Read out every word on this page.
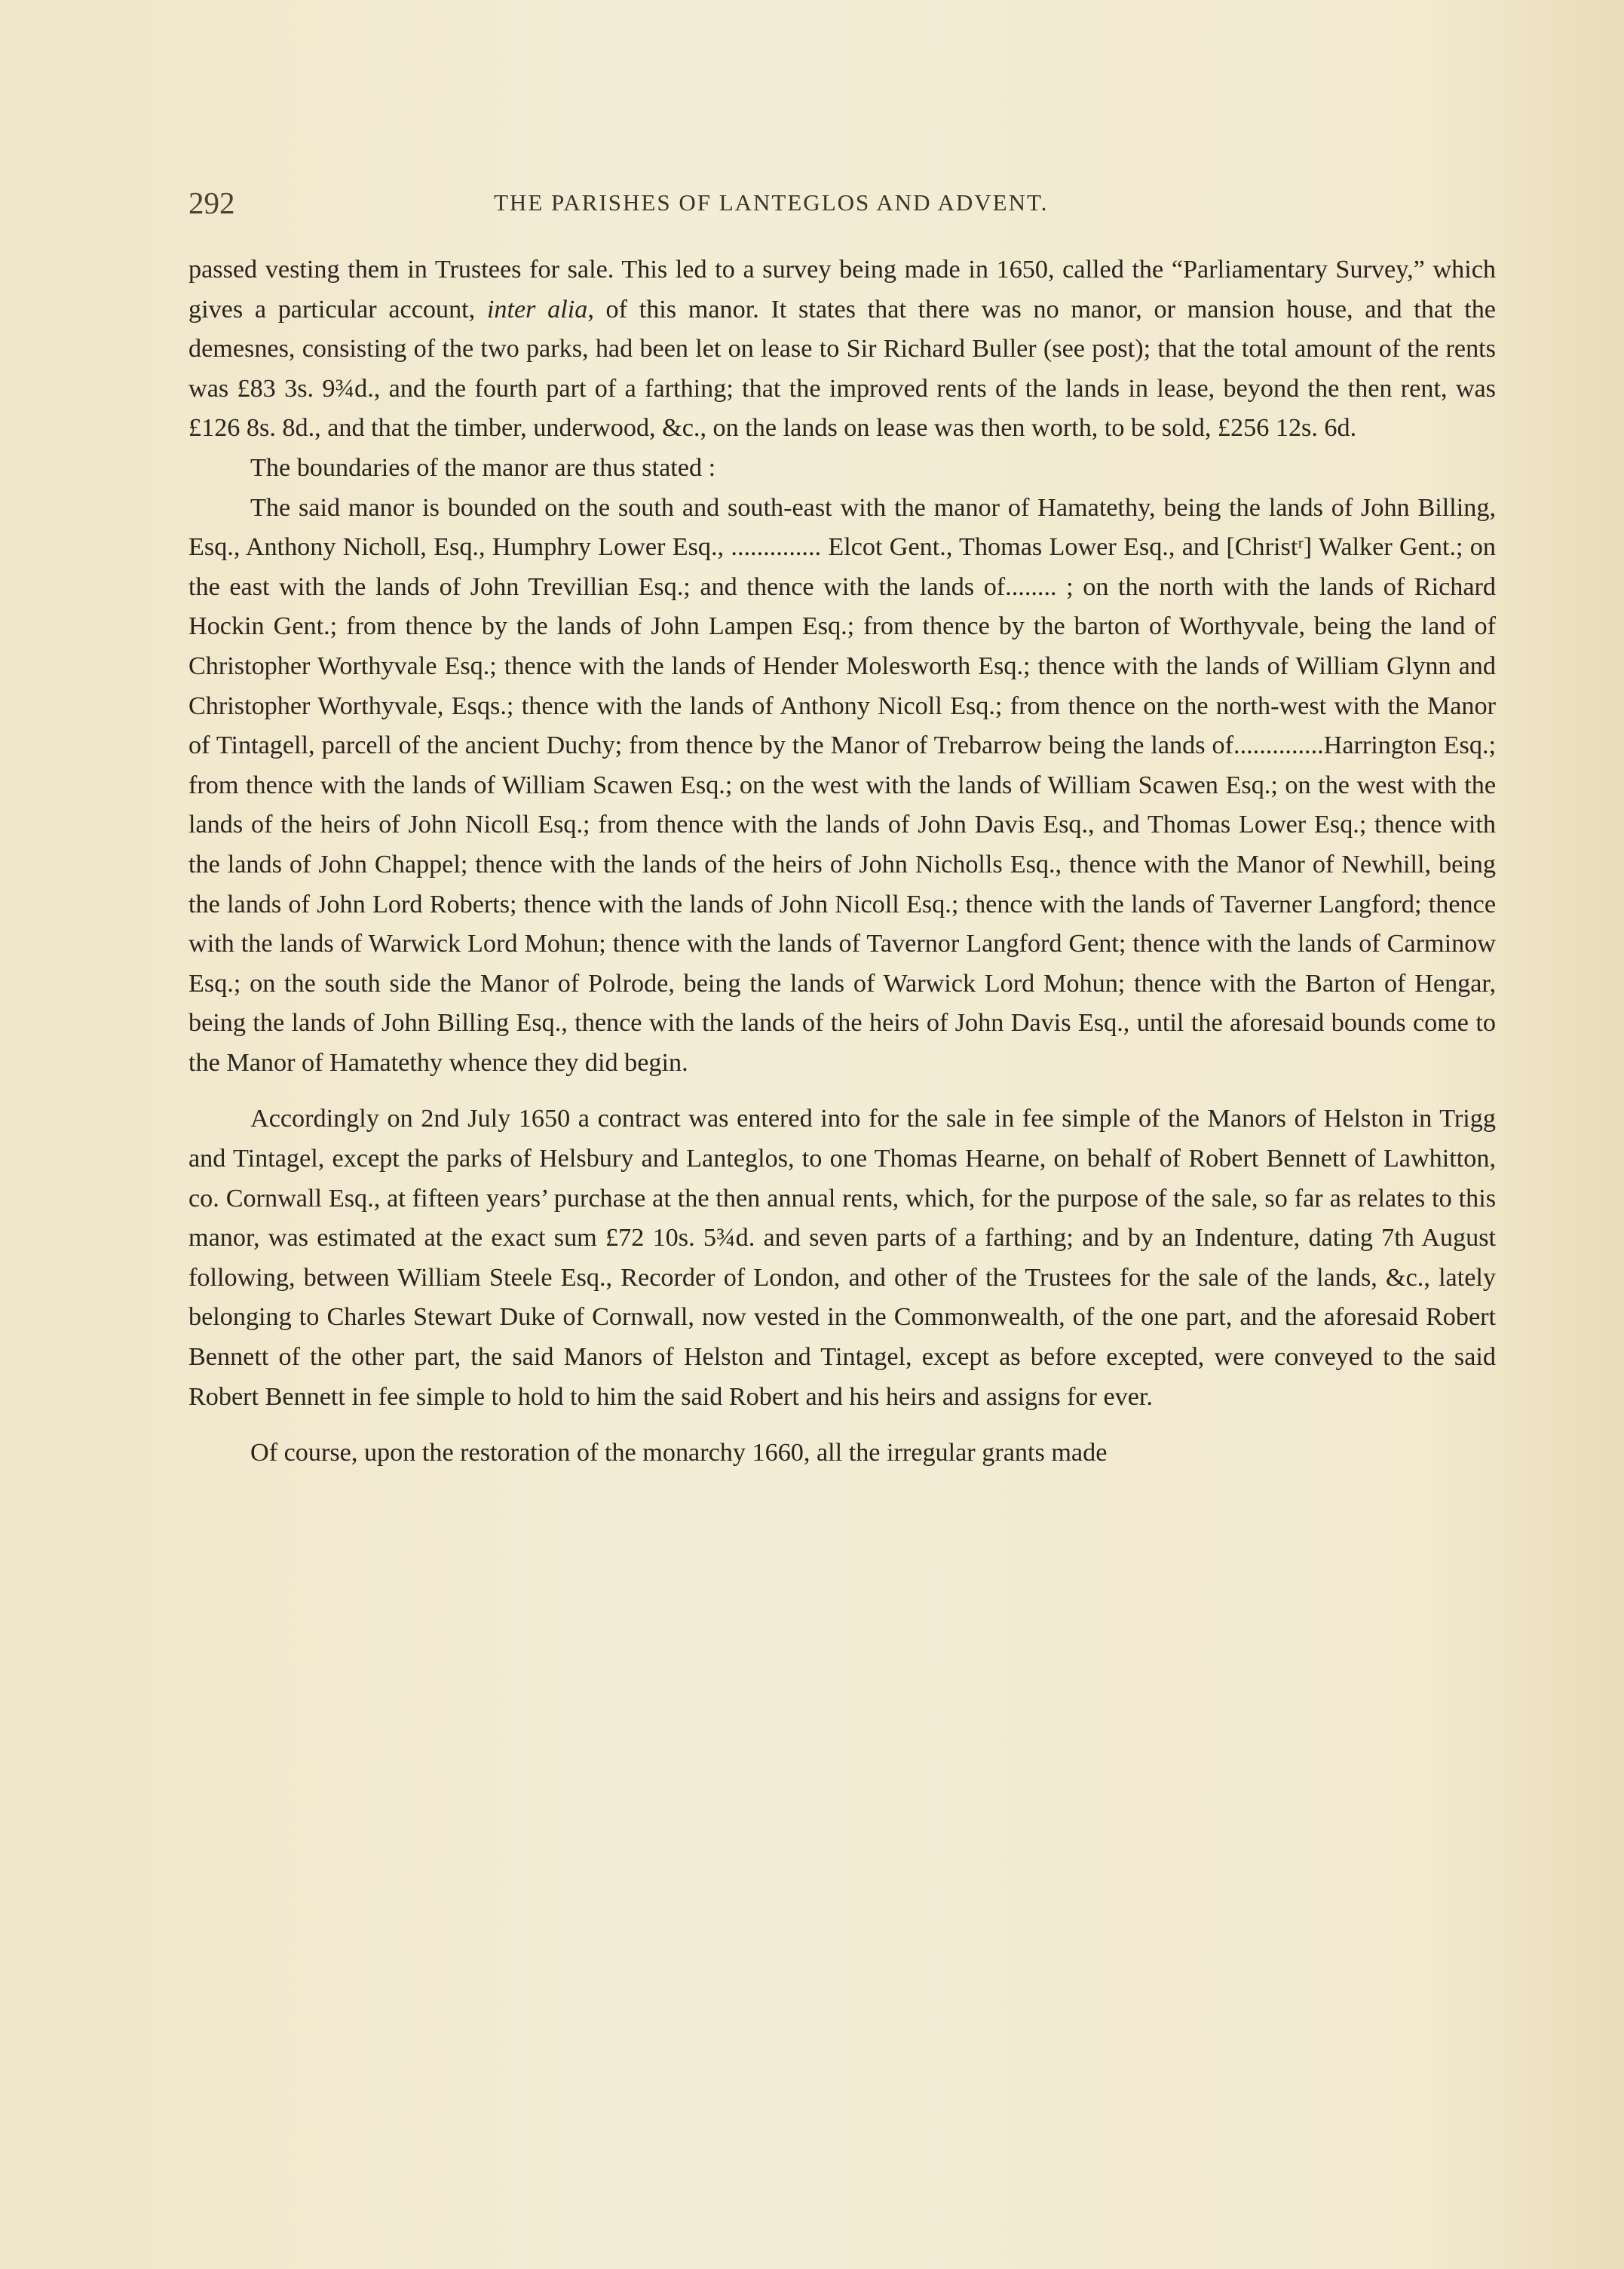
292	THE PARISHES OF LANTEGLOS AND ADVENT.

passed vesting them in Trustees for sale. This led to a survey being made in 1650, called the “Parliamentary Survey,” which gives a particular account, inter alia, of this manor. It states that there was no manor, or mansion house, and that the demesnes, consisting of the two parks, had been let on lease to Sir Richard Buller (see post); that the total amount of the rents was £83 3s. 9¾d., and the fourth part of a farthing; that the improved rents of the lands in lease, beyond the then rent, was £126 8s. 8d., and that the timber, underwood, &c., on the lands on lease was then worth, to be sold, £256 12s. 6d.

The boundaries of the manor are thus stated :

The said manor is bounded on the south and south-east with the manor of Hamatethy, being the lands of John Billing, Esq., Anthony Nicholl, Esq., Humphry Lower Esq., .............. Elcot Gent., Thomas Lower Esq., and [Christʳ] Walker Gent.; on the east with the lands of John Trevillian Esq.; and thence with the lands of........ ; on the north with the lands of Richard Hockin Gent.; from thence by the lands of John Lampen Esq.; from thence by the barton of Worthyvale, being the land of Christopher Worthyvale Esq.; thence with the lands of Hender Molesworth Esq.; thence with the lands of William Glynn and Christopher Worthyvale, Esqs.; thence with the lands of Anthony Nicoll Esq.; from thence on the north-west with the Manor of Tintagell, parcell of the ancient Duchy; from thence by the Manor of Trebarrow being the lands of..............Harrington Esq.; from thence with the lands of William Scawen Esq.; on the west with the lands of William Scawen Esq.; on the west with the lands of the heirs of John Nicoll Esq.; from thence with the lands of John Davis Esq., and Thomas Lower Esq.; thence with the lands of John Chappel; thence with the lands of the heirs of John Nicholls Esq., thence with the Manor of Newhill, being the lands of John Lord Roberts; thence with the lands of John Nicoll Esq.; thence with the lands of Taverner Langford; thence with the lands of Warwick Lord Mohun; thence with the lands of Tavernor Langford Gent; thence with the lands of Carminow Esq.; on the south side the Manor of Polrode, being the lands of Warwick Lord Mohun; thence with the Barton of Hengar, being the lands of John Billing Esq., thence with the lands of the heirs of John Davis Esq., until the aforesaid bounds come to the Manor of Hamatethy whence they did begin.

Accordingly on 2nd July 1650 a contract was entered into for the sale in fee simple of the Manors of Helston in Trigg and Tintagel, except the parks of Helsbury and Lanteglos, to one Thomas Hearne, on behalf of Robert Bennett of Lawhitton, co. Cornwall Esq., at fifteen years’ purchase at the then annual rents, which, for the purpose of the sale, so far as relates to this manor, was estimated at the exact sum £72 10s. 5¾d. and seven parts of a farthing; and by an Indenture, dating 7th August following, between William Steele Esq., Recorder of London, and other of the Trustees for the sale of the lands, &c., lately belonging to Charles Stewart Duke of Cornwall, now vested in the Commonwealth, of the one part, and the aforesaid Robert Bennett of the other part, the said Manors of Helston and Tintagel, except as before excepted, were conveyed to the said Robert Bennett in fee simple to hold to him the said Robert and his heirs and assigns for ever.

Of course, upon the restoration of the monarchy 1660, all the irregular grants made
